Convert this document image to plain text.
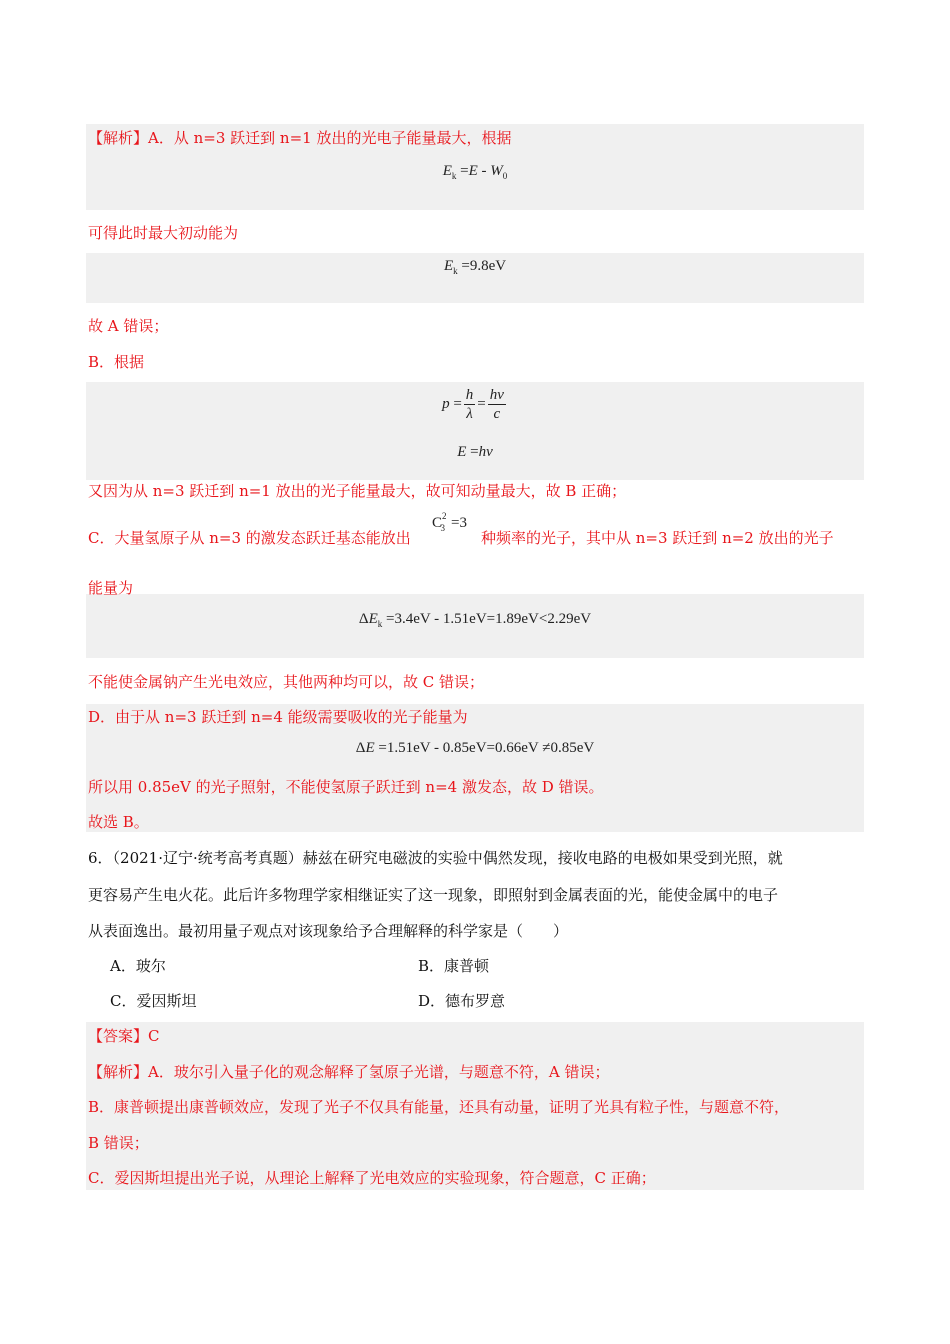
【解析】A．从 n=3 跃迁到 n=1 放出的光电子能量最大，根据
$E_k =E - W_0$
可得此时最大初动能为
$E_k =9.8eV$
故 A 错误；
B．根据
$p = \frac{h}{\lambda} = \frac{h\nu}{c}$
E =hν
又因为从 n=3 跃迁到 n=1 放出的光子能量最大，故可知动量最大，故 B 正确；
C．大量氢原子从 n=3 的激发态跃迁基态能放出
$C^2_3 =3$
种频率的光子，其中从 n=3 跃迁到 n=2 放出的光子
能量为
$\Delta E_k =3.4eV - 1.51eV=1.89eV<2.29eV$
不能使金属钠产生光电效应，其他两种均可以，故 C 错误；
D．由于从 n=3 跃迁到 n=4 能级需要吸收的光子能量为
ΔE =1.51eV - 0.85eV=0.66eV ≠0.85eV
所以用 0.85eV 的光子照射，不能使氢原子跃迁到 n=4 激发态，故 D 错误。
故选 B。
6．（2021·辽宁·统考高考真题）赫兹在研究电磁波的实验中偶然发现，接收电路的电极如果受到光照，就
更容易产生电火花。此后许多物理学家相继证实了这一现象，即照射到金属表面的光，能使金属中的电子
从表面逸出。最初用量子观点对该现象给予合理解释的科学家是（　　）
A．玻尔	B．康普顿
C．爱因斯坦	D．德布罗意
【答案】C
【解析】A．玻尔引入量子化的观念解释了氢原子光谱，与题意不符，A 错误；
B．康普顿提出康普顿效应，发现了光子不仅具有能量，还具有动量，证明了光具有粒子性，与题意不符，
B 错误；
C．爱因斯坦提出光子说，从理论上解释了光电效应的实验现象，符合题意，C 正确；
